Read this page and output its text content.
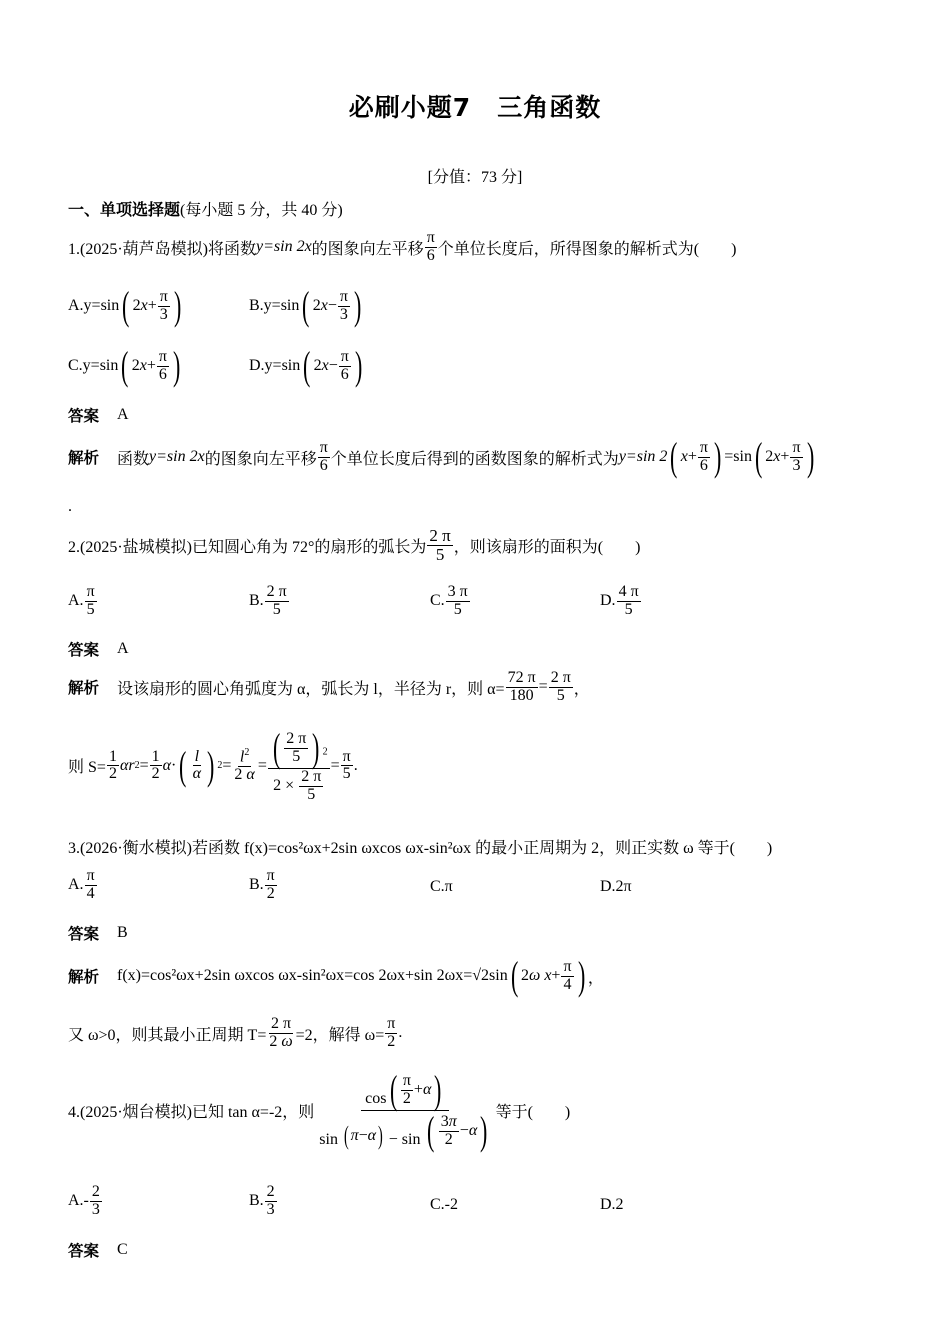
必刷小题7　三角函数
[分值：73 分]
一、单项选择题(每小题 5 分，共 40 分)
1.(2025·葫芦岛模拟)将函数 y=sin 2x 的图象向左平移 $\frac{\pi}{6}$ 个单位长度后，所得图象的解析式为(　　)
A.y=sin ( 2 $x + \frac{\pi}{3}$ )	B.y=sin ( 2 $x - \frac{\pi}{3}$ )
C.y=sin ( 2 $x + \frac{\pi}{6}$ )	D.y=sin ( 2 $x - \frac{\pi}{6}$ )
答案 A
解析 函数 y=sin 2x 的图象向左平移 $\frac{\pi}{6}$ 个单位长度后得到的函数图象的解析式为 y=sin 2 ( $x + \frac{\pi}{6}$ ) =sin ( 2 $x + \frac{\pi}{3}$ )
.
2.(2025·盐城模拟)已知圆心角为 72°的扇形的弧长为 $\frac{2 \pi}{5}$ ，则该扇形的面积为(　　)
A. $\frac{\pi}{5}$	B. $\frac{2 \pi}{5}$	C. $\frac{3 \pi}{5}$	D. $\frac{4 \pi}{5}$
答案 A
解析 设该扇形的圆心角弧度为 α，弧长为 l，半径为 r，则 $\alpha= \frac{72 \pi}{180} = \frac{2 \pi}{5}$ ，
则 $S= \frac{1}{2}$ αr $2 = \frac{1}{2}$ α · ( $\frac{l}{\alpha}$ ) $2 = \frac{l^2}{2 \alpha} = \frac{( \frac{2 \pi}{5} ) ^2}{2 \times \frac{2 \pi}{5}} = \frac{\pi}{5}$ .
3.(2026·衡水模拟)若函数 f(x)=cos²ωx+2sin ωxcos ωx-sin²ωx 的最小正周期为 2，则正实数 ω 等于(　　)
A. $\frac{\pi}{4}$	B. $\frac{\pi}{2}$	C.π	D.2π
答案 B
解析 f(x)=cos²ωx+2sin ωxcos ωx-sin²ωx=cos 2ωx+sin 2ωx= √ 2sin ( 2 ω $x + \frac{\pi}{4}$ ) ，
又 ω>0，则其最小正周期 $T= \frac{2 \pi}{2 \omega} =2$，解得 $\omega= \frac{\pi}{2}$ .
4.(2025·烟台模拟)已知 tan α=-2，则 $\frac{\cos ( \frac{\pi}{2} + \alpha )}{\sin ( \pi - \alpha ) - \sin ( \frac{3\pi}{2} - \alpha )}$ 等于(　　)
$A.- \frac{2}{3}$	B. $\frac{2}{3}$	C.-2	D.2
答案 C
